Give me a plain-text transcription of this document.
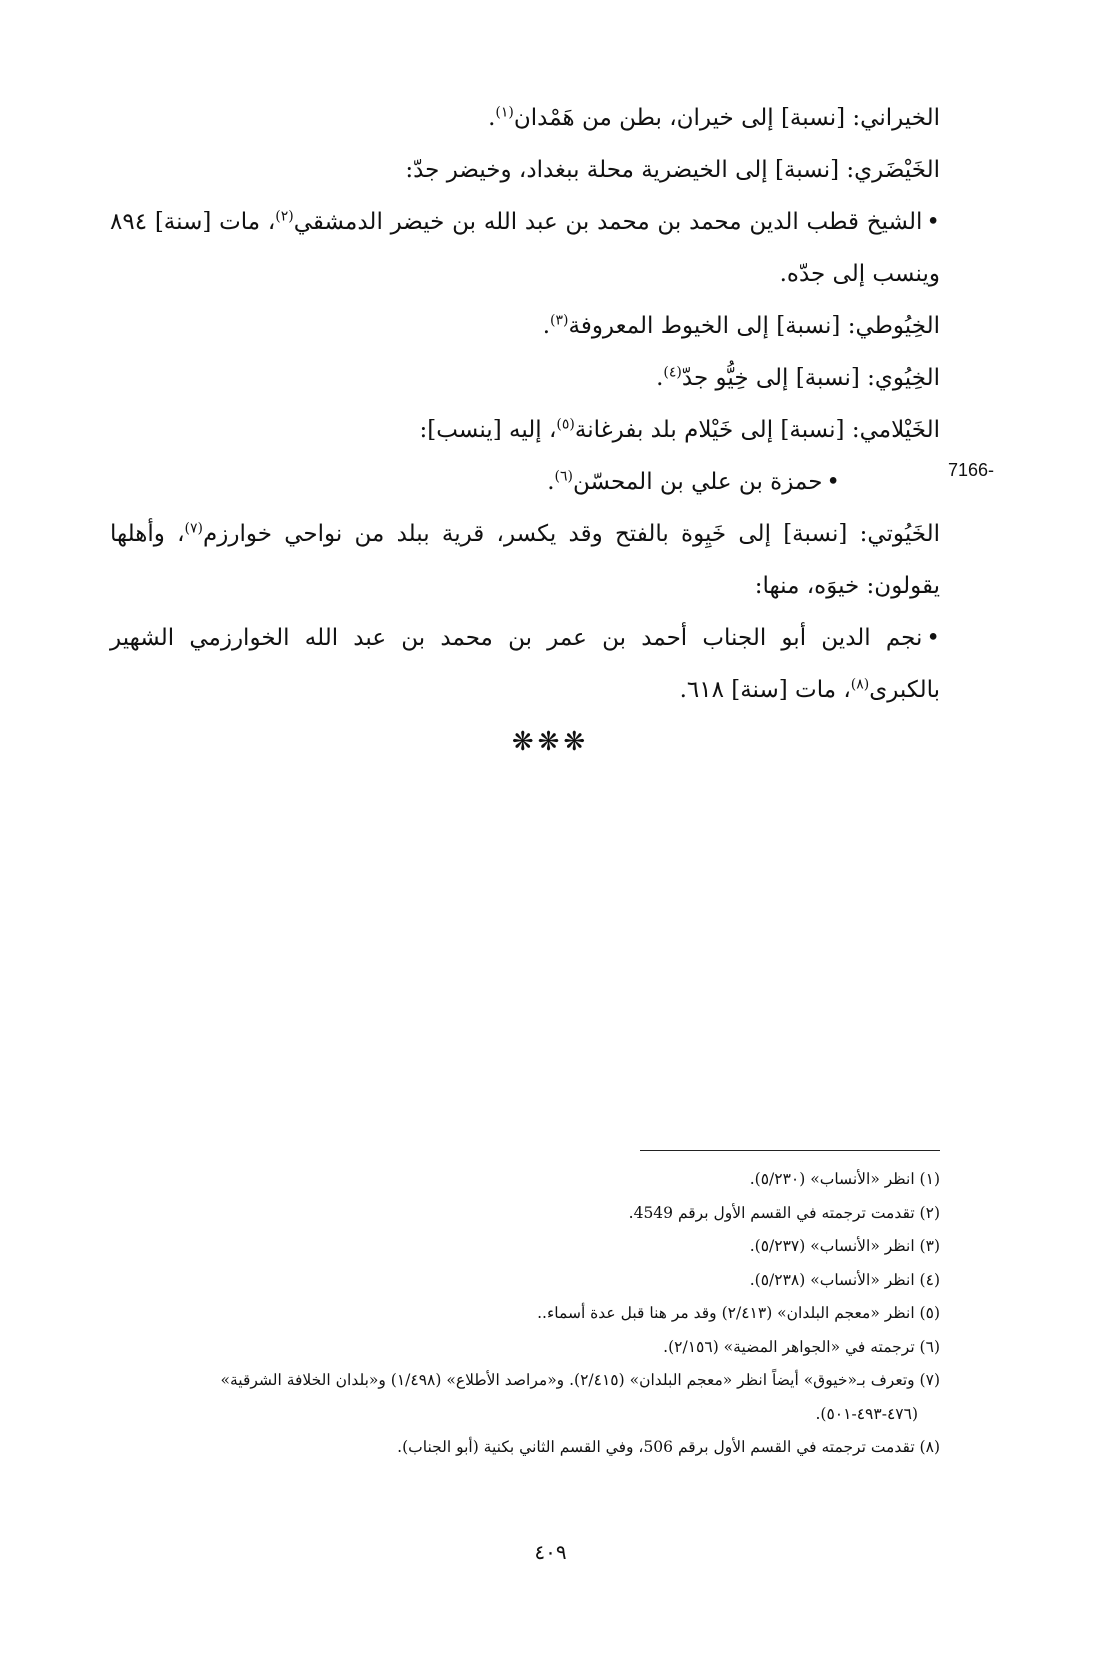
الخيراني: [نسبة] إلى خيران، بطن من هَمْدان$^{(١)}$.

الخَيْضَري: [نسبة] إلى الخيضرية محلة ببغداد، وخيضر جدّ:

•الشيخ قطب الدين محمد بن محمد بن عبد الله بن خيضر الدمشقي$^{(٢)}$، مات [سنة] ٨٩٤ وينسب إلى جدّه.

الخِيُوطي: [نسبة] إلى الخيوط المعروفة$^{(٣)}$.

الخِيُوي: [نسبة] إلى خِيُّو جدّ$^{(٤)}$.

الخَيْلامي: [نسبة] إلى خَيْلام بلد بفرغانة$^{(٥)}$، إليه [ينسب]:

•حمزة بن علي بن المحسّن$^{(٦)}$.

الخَيُوتي: [نسبة] إلى خَيِوة بالفتح وقد يكسر، قرية ببلد من نواحي خوارزم$^{(٧)}$، وأهلها يقولون: خيوَه، منها:

•نجم الدين أبو الجناب أحمد بن عمر بن محمد بن عبد الله الخوارزمي الشهير بالكبرى$^{(٨)}$، مات [سنة] ٦١٨.

7166-
❋❋❋

(١) انظر «الأنساب» (٥/٢٣٠).

(٢) تقدمت ترجمته في القسم الأول برقم 4549.

(٣) انظر «الأنساب» (٥/٢٣٧).

(٤) انظر «الأنساب» (٥/٢٣٨).

(٥) انظر «معجم البلدان» (٢/٤١٣) وقد مر هنا قبل عدة أسماء..

(٦) ترجمته في «الجواهر المضية» (٢/١٥٦).

(٧) وتعرف بـ«خيوق» أيضاً انظر «معجم البلدان» (٢/٤١٥). و«مراصد الأطلاع» (١/٤٩٨) و«بلدان الخلافة الشرقية»

(٤٧٦-٤٩٣-٥٠١).

(٨) تقدمت ترجمته في القسم الأول برقم 506، وفي القسم الثاني بكنية (أبو الجناب).

٤٠٩
